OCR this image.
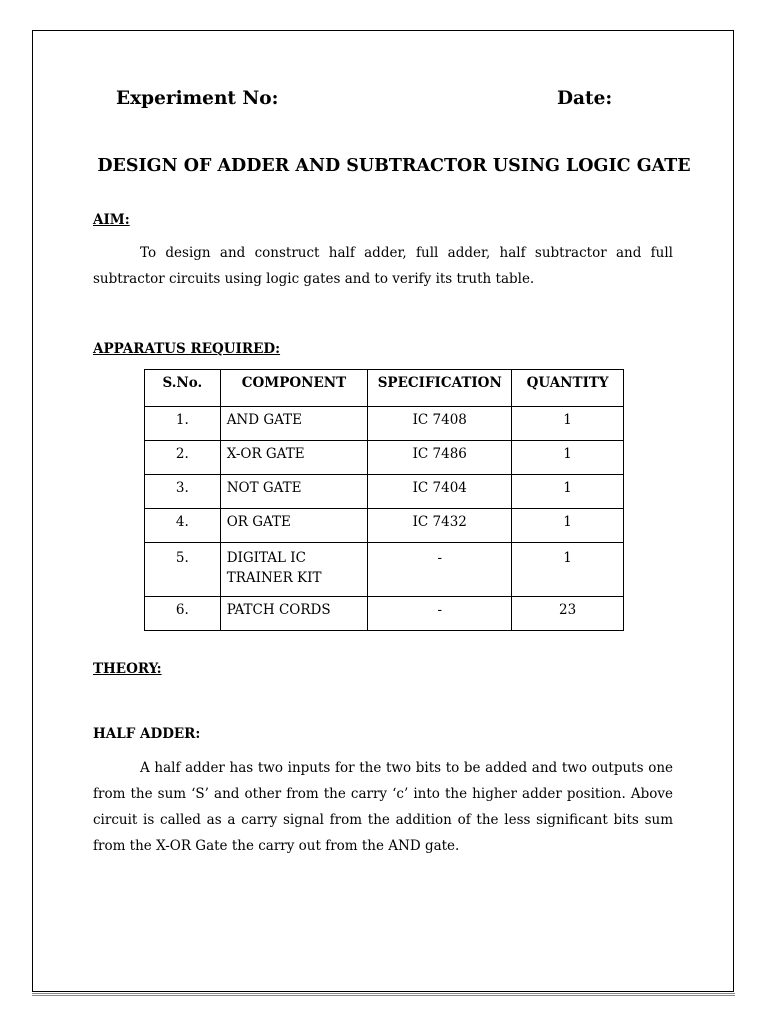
Experiment No:	Date:
DESIGN OF ADDER AND SUBTRACTOR USING LOGIC GATE
AIM:
To design and construct half adder, full adder, half subtractor and full subtractor circuits using logic gates and to verify its truth table.
APPARATUS REQUIRED:
S.No.	COMPONENT	SPECIFICATION	QUANTITY
1.	AND GATE	IC 7408	1
2.	X-OR GATE	IC 7486	1
3.	NOT GATE	IC 7404	1
4.	OR GATE	IC 7432	1
5.	DIGITAL IC
TRAINER KIT	-	1
6.	PATCH CORDS	-	23
THEORY:
HALF ADDER:
A half adder has two inputs for the two bits to be added and two outputs one from the sum ‘S’ and other from the carry ‘c’ into the higher adder position. Above circuit is called as a carry signal from the addition of the less significant bits sum from the X-OR Gate the carry out from the AND gate.
